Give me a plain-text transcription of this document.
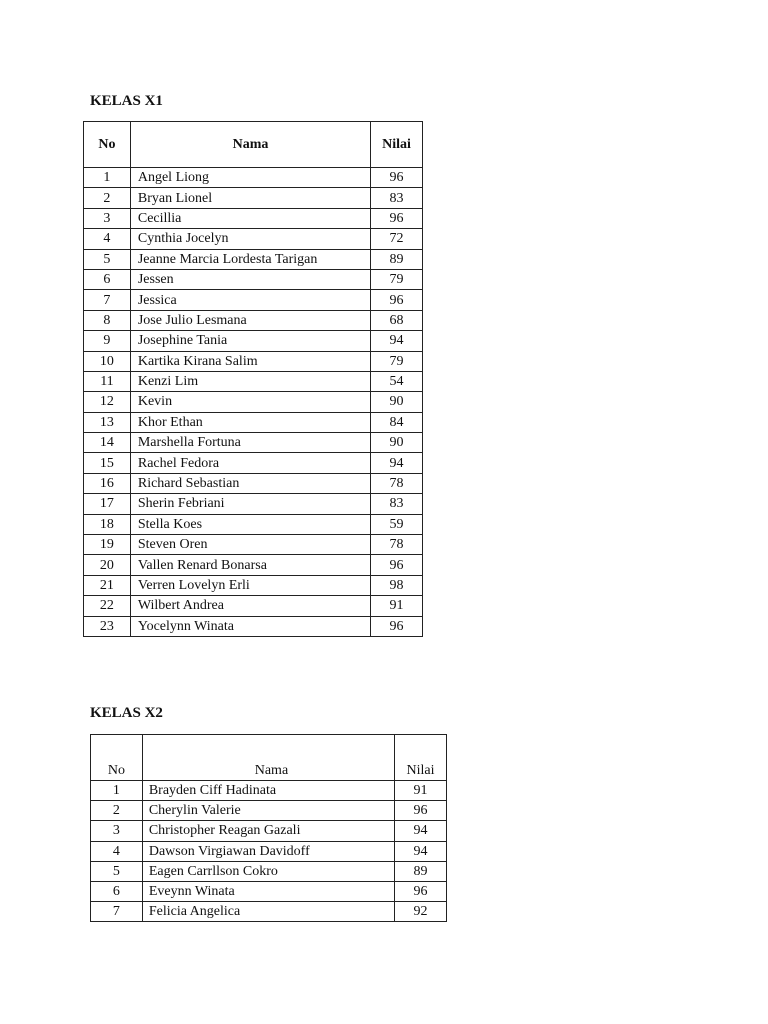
KELAS X1
No	Nama	Nilai
1	Angel Liong	96
2	Bryan Lionel	83
3	Cecillia	96
4	Cynthia Jocelyn	72
5	Jeanne Marcia Lordesta Tarigan	89
6	Jessen	79
7	Jessica	96
8	Jose Julio Lesmana	68
9	Josephine Tania	94
10	Kartika Kirana Salim	79
11	Kenzi Lim	54
12	Kevin	90
13	Khor Ethan	84
14	Marshella Fortuna	90
15	Rachel Fedora	94
16	Richard Sebastian	78
17	Sherin Febriani	83
18	Stella Koes	59
19	Steven Oren	78
20	Vallen Renard Bonarsa	96
21	Verren Lovelyn Erli	98
22	Wilbert Andrea	91
23	Yocelynn Winata	96
KELAS X2
No	Nama	Nilai
1	Brayden Ciff Hadinata	91
2	Cherylin Valerie	96
3	Christopher Reagan Gazali	94
4	Dawson Virgiawan Davidoff	94
5	Eagen Carrllson Cokro	89
6	Eveynn Winata	96
7	Felicia Angelica	92
